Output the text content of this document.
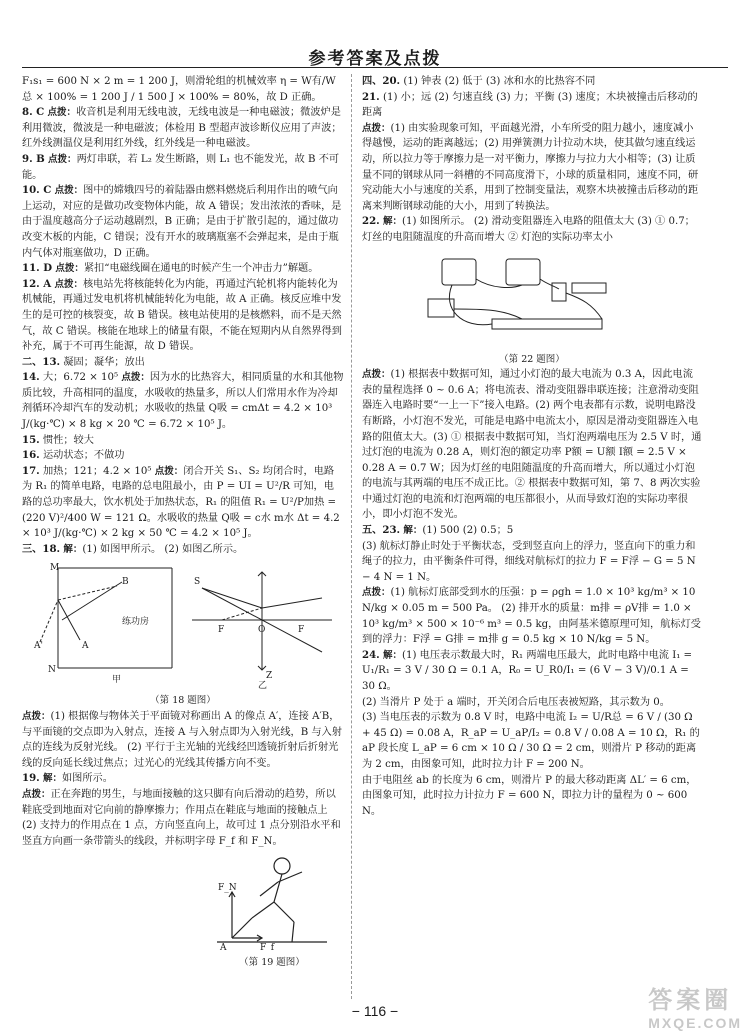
参考答案及点拨

F₁s₁ = 600 N × 2 m = 1 200 J，则滑轮组的机械效率 η = W有/W总 × 100% = 1 200 J / 1 500 J × 100% = 80%，故 D 正确。

8. C 点拨：收音机是利用无线电波，无线电波是一种电磁波；微波炉是利用微波，微波是一种电磁波；体检用 B 型超声波诊断仪应用了声波；红外线测温仪是利用红外线，红外线是一种电磁波。

9. B 点拨：两灯串联，若 L₂ 发生断路，则 L₁ 也不能发光，故 B 不可能。

10. C 点拨：图中的嫦娥四号的着陆器由燃料燃烧后利用作出的喷气向上运动，对应的是做功改变物体内能，故 A 错误；发出浓浓的香味，是由于温度越高分子运动越剧烈，B 正确；是由于扩散引起的，通过做功改变木板的内能，C 错误；没有开水的玻璃瓶塞不会弹起来，是由于瓶内气体对瓶塞做功，D 正确。

11. D 点拨：紧扣“电磁线圈在通电的时候产生一个冲击力”解题。

12. A 点拨：核电站先将核能转化为内能，再通过汽轮机将内能转化为机械能，再通过发电机将机械能转化为电能，故 A 正确。核反应堆中发生的是可控的核裂变，故 B 错误。核电站使用的是核燃料，而不是天然气，故 C 错误。核能在地球上的储量有限，不能在短期内从自然界得到补充，属于不可再生能源，故 D 错误。

二、13. 凝固；凝华；放出

14. 大；6.72 × 10⁵ 点拨：因为水的比热容大，相同质量的水和其他物质比较，升高相同的温度，水吸收的热量多，所以人们常用水作为冷却剂循环冷却汽车的发动机；水吸收的热量 Q吸 = cmΔt = 4.2 × 10³ J/(kg·℃) × 8 kg × 20 ℃ = 6.72 × 10⁵ J。

15. 惯性；较大

16. 运动状态；不做功

17. 加热；121；4.2 × 10⁵ 点拨：闭合开关 S₁、S₂ 均闭合时，电路为 R₁ 的简单电路，电路的总电阻最小，由 P = UI = U²/R 可知，电路的总功率最大，饮水机处于加热状态，R₁ 的阻值 R₁ = U²/P加热 = (220 V)²/400 W = 121 Ω。水吸收的热量 Q吸 = c水 m水 Δt = 4.2 × 10³ J/(kg·℃) × 2 kg × 50 ℃ = 4.2 × 10⁵ J。

三、18. 解：(1) 如图甲所示。 (2) 如图乙所示。

M
B
A'	A
N
练功房
甲
S
F	O	F
Z
乙
（第 18 题图）

点拨：(1) 根据像与物体关于平面镜对称画出 A 的像点 A′，连接 A′B，与平面镜的交点即为入射点，连接 A 与入射点即为入射光线，B 与入射点的连线为反射光线。 (2) 平行于主光轴的光线经凹透镜折射后折射光线的反向延长线过焦点；过光心的光线其传播方向不变。

19. 解：如图所示。

点拨：正在奔跑的男生，与地面接触的这只脚有向后滑动的趋势，所以鞋底受到地面对它向前的静摩擦力；作用点在鞋底与地面的接触点上 (2) 支持力的作用点在 1 点，方向竖直向上，故可过 1 点分别沿水平和竖直方向画一条带箭头的线段，并标明字母 F_f 和 F_N。

F_N
A	F_f
（第 19 题图）

四、20. (1) 钟表 (2) 低于 (3) 冰和水的比热容不同

21. (1) 小；远 (2) 匀速直线 (3) 力；平衡 (3) 速度；木块被撞击后移动的距离

点拨：(1) 由实验现象可知，平面越光滑，小车所受的阻力越小，速度减小得越慢，运动的距离越远；(2) 用弹簧测力计拉动木块，使其做匀速直线运动，所以拉力等于摩擦力是一对平衡力，摩擦力与拉力大小相等；(3) 让质量不同的钢球从同一斜槽的不同高度滑下，小球的质量相同，速度不同，研究动能大小与速度的关系，用到了控制变量法，观察木块被撞击后移动的距离来判断钢球动能的大小，用到了转换法。

22. 解：(1) 如图所示。 (2) 滑动变阻器连入电路的阻值太大 (3) ① 0.7；灯丝的电阻随温度的升高而增大 ② 灯泡的实际功率太小

（第 22 题图）

点拨：(1) 根据表中数据可知，通过小灯泡的最大电流为 0.3 A，因此电流表的量程选择 0 ~ 0.6 A；将电流表、滑动变阻器串联连接；注意滑动变阻器连入电路时要“一上一下”接入电路。(2) 两个电表都有示数，说明电路没有断路，小灯泡不发光，可能是电路中电流太小，原因是滑动变阻器连入电路的阻值太大。(3) ① 根据表中数据可知，当灯泡两端电压为 2.5 V 时，通过灯泡的电流为 0.28 A，则灯泡的额定功率 P额 = U额 I额 = 2.5 V × 0.28 A = 0.7 W；因为灯丝的电阻随温度的升高而增大，所以通过小灯泡的电流与其两端的电压不成正比。② 根据表中数据可知，第 7、8 两次实验中通过灯泡的电流和灯泡两端的电压都很小，从而导致灯泡的实际功率很小，即小灯泡不发光。

五、23. 解：(1) 500 (2) 0.5；5

(3) 航标灯静止时处于平衡状态，受到竖直向上的浮力，竖直向下的重力和绳子的拉力，由平衡条件可得，细线对航标灯的拉力 F = F浮 − G = 5 N − 4 N = 1 N。

点拨：(1) 航标灯底部受到水的压强：p = ρgh = 1.0 × 10³ kg/m³ × 10 N/kg × 0.05 m = 500 Pa。 (2) 排开水的质量：m排 = ρV排 = 1.0 × 10³ kg/m³ × 500 × 10⁻⁶ m³ = 0.5 kg，由阿基米德原理可知，航标灯受到的浮力：F浮 = G排 = m排 g = 0.5 kg × 10 N/kg = 5 N。

24. 解：(1) 电压表示数最大时，R₁ 两端电压最大，此时电路中电流 I₁ = U₁/R₁ = 3 V / 30 Ω = 0.1 A，R₀ = U_R0/I₁ = (6 V − 3 V)/0.1 A = 30 Ω。

(2) 当滑片 P 处于 a 端时，开关闭合后电压表被短路，其示数为 0。

(3) 当电压表的示数为 0.8 V 时，电路中电流 I₂ = U/R总 = 6 V / (30 Ω + 45 Ω) = 0.08 A，R_aP = U_aP/I₂ = 0.8 V / 0.08 A = 10 Ω，R₁ 的 aP 段长度 L_aP = 6 cm × 10 Ω / 30 Ω = 2 cm，则滑片 P 移动的距离为 2 cm，由图象可知，此时拉力计 F = 200 N。

由于电阻丝 ab 的长度为 6 cm，则滑片 P 的最大移动距离 ΔL′ = 6 cm，由图象可知，此时拉力计拉力 F = 600 N，即拉力计的量程为 0 ~ 600 N。

− 116 −	答案圈
MXQE.COM
